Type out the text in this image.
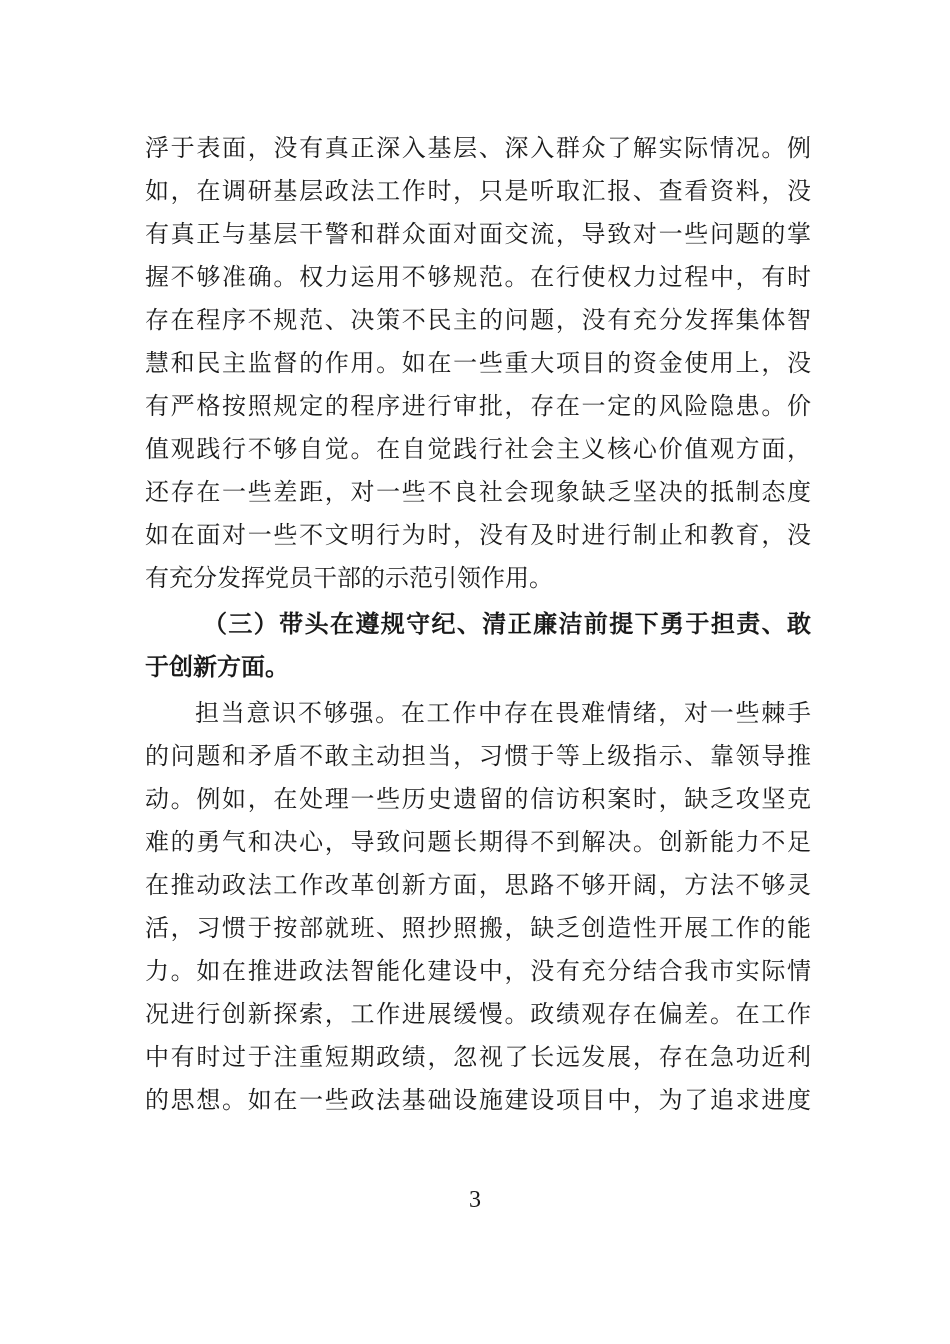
浮于表面，没有真正深入基层、深入群众了解实际情况。例
如，在调研基层政法工作时，只是听取汇报、查看资料，没
有真正与基层干警和群众面对面交流，导致对一些问题的掌
握不够准确。权力运用不够规范。在行使权力过程中，有时
存在程序不规范、决策不民主的问题，没有充分发挥集体智
慧和民主监督的作用。如在一些重大项目的资金使用上，没
有严格按照规定的程序进行审批，存在一定的风险隐患。价
值观践行不够自觉。在自觉践行社会主义核心价值观方面，
还存在一些差距，对一些不良社会现象缺乏坚决的抵制态度
如在面对一些不文明行为时，没有及时进行制止和教育，没
有充分发挥党员干部的示范引领作用。
（三）带头在遵规守纪、清正廉洁前提下勇于担责、敢
于创新方面。
担当意识不够强。在工作中存在畏难情绪，对一些棘手
的问题和矛盾不敢主动担当，习惯于等上级指示、靠领导推
动。例如，在处理一些历史遗留的信访积案时，缺乏攻坚克
难的勇气和决心，导致问题长期得不到解决。创新能力不足
在推动政法工作改革创新方面，思路不够开阔，方法不够灵
活，习惯于按部就班、照抄照搬，缺乏创造性开展工作的能
力。如在推进政法智能化建设中，没有充分结合我市实际情
况进行创新探索，工作进展缓慢。政绩观存在偏差。在工作
中有时过于注重短期政绩，忽视了长远发展，存在急功近利
的思想。如在一些政法基础设施建设项目中，为了追求进度
3
